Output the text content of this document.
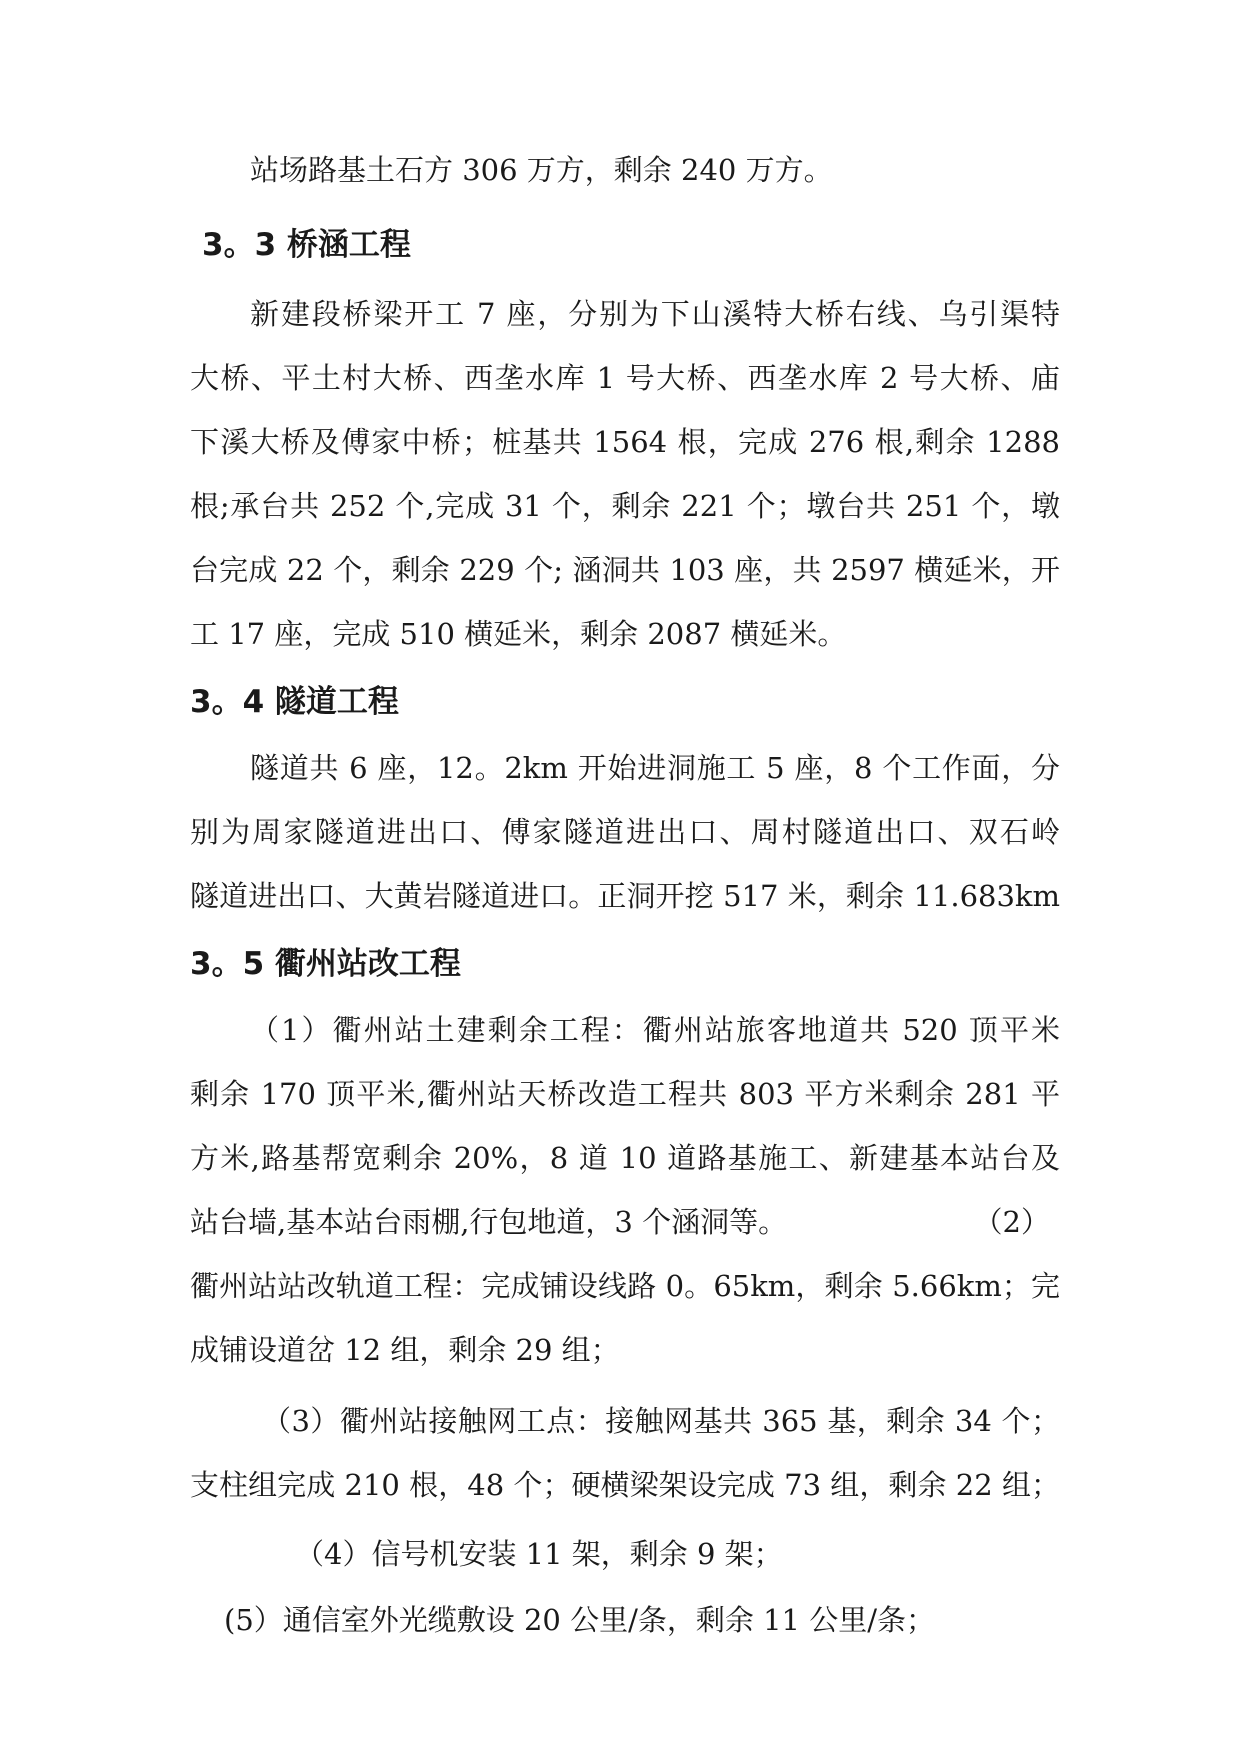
站场路基土石方 306 万方，剩余 240 万方。
3。3 桥涵工程
新建段桥梁开工 7 座，分别为下山溪特大桥右线、乌引渠特
大桥、平土村大桥、西垄水库 1 号大桥、西垄水库 2 号大桥、庙
下溪大桥及傅家中桥；桩基共 1564 根，完成 276 根,剩余 1288
根;承台共 252 个,完成 31 个，剩余 221 个；墩台共 251 个，墩
台完成 22 个，剩余 229 个; 涵洞共 103 座，共 2597 横延米，开
工 17 座，完成 510 横延米，剩余 2087 横延米。
3。4 隧道工程
隧道共 6 座，12。2km 开始进洞施工 5 座，8 个工作面，分
别为周家隧道进出口、傅家隧道进出口、周村隧道出口、双石岭
隧道进出口、大黄岩隧道进口。正洞开挖 517 米，剩余 11.683km
3。5 衢州站改工程
（1）衢州站土建剩余工程：衢州站旅客地道共 520 顶平米
剩余 170 顶平米,衢州站天桥改造工程共 803 平方米剩余 281 平
方米,路基帮宽剩余 20%，8 道 10 道路基施工、新建基本站台及
站台墙,基本站台雨棚,行包地道，3 个涵洞等。	（2）
衢州站站改轨道工程：完成铺设线路 0。65km，剩余 5.66km；完
成铺设道岔 12 组，剩余 29 组；
（3）衢州站接触网工点：接触网基共 365 基，剩余 34 个；
支柱组完成 210 根，48 个；硬横梁架设完成 73 组，剩余 22 组；
（4）信号机安装 11 架，剩余 9 架；
(5）通信室外光缆敷设 20 公里/条，剩余 11 公里/条；
